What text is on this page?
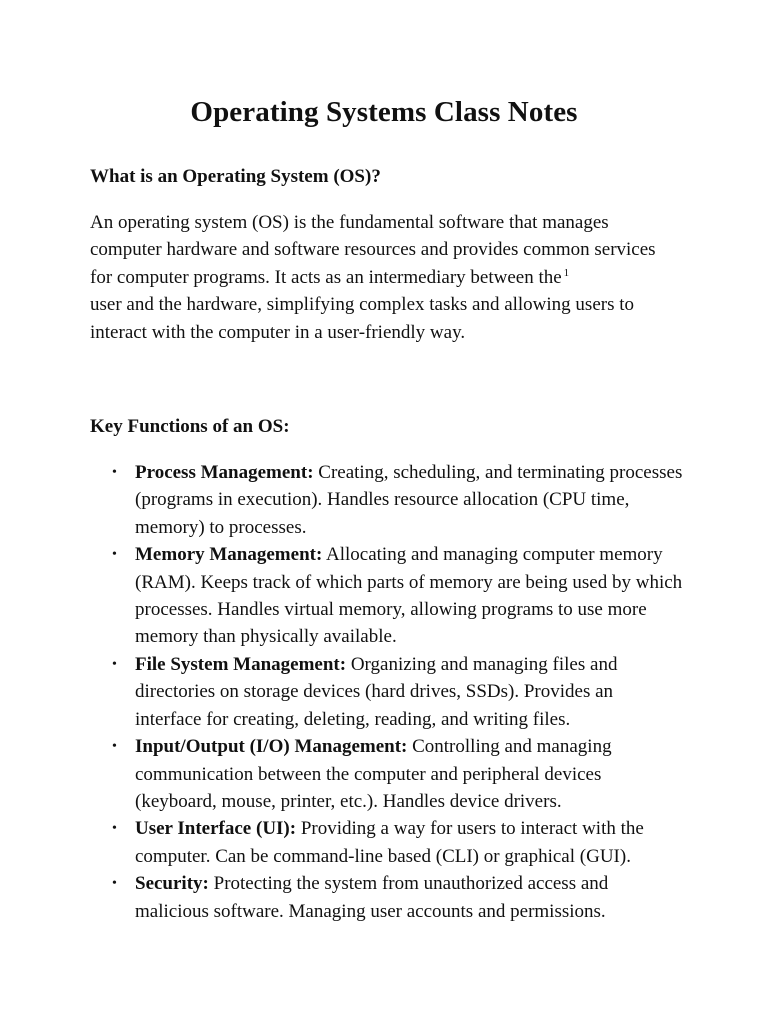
Operating Systems Class Notes
What is an Operating System (OS)?

An operating system (OS) is the fundamental software that manages computer hardware and software resources and provides common services for computer programs. It acts as an intermediary between the $^1$
user and the hardware, simplifying complex tasks and allowing users to interact with the computer in a user-friendly way.

Key Functions of an OS:
• Process Management: Creating, scheduling, and terminating processes (programs in execution). Handles resource allocation (CPU time, memory) to processes.
• Memory Management: Allocating and managing computer memory (RAM). Keeps track of which parts of memory are being used by which processes. Handles virtual memory, allowing programs to use more memory than physically available.
• File System Management: Organizing and managing files and directories on storage devices (hard drives, SSDs). Provides an interface for creating, deleting, reading, and writing files.
• Input/Output (I/O) Management: Controlling and managing communication between the computer and peripheral devices (keyboard, mouse, printer, etc.). Handles device drivers.
• User Interface (UI): Providing a way for users to interact with the computer. Can be command-line based (CLI) or graphical (GUI).
• Security: Protecting the system from unauthorized access and malicious software. Managing user accounts and permissions.
